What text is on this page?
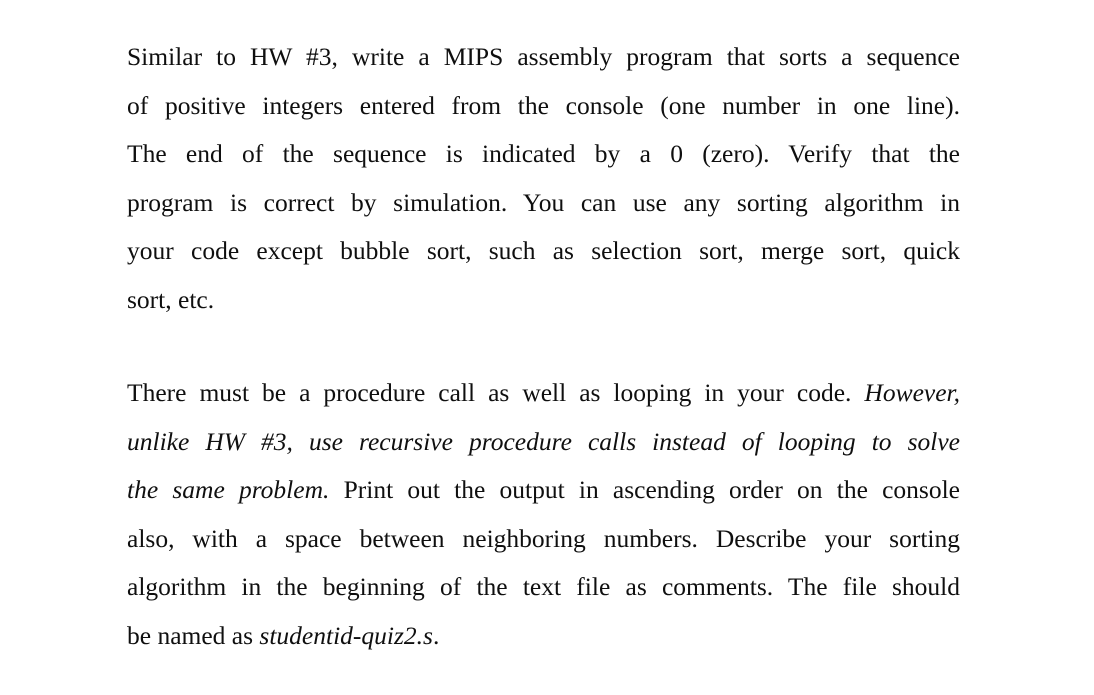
Similar to HW #3, write a MIPS assembly program that sorts a sequence
of positive integers entered from the console (one number in one line).
The end of the sequence is indicated by a 0 (zero). Verify that the
program is correct by simulation. You can use any sorting algorithm in
your code except bubble sort, such as selection sort, merge sort, quick
sort, etc.
There must be a procedure call as well as looping in your code. However,
unlike HW #3, use recursive procedure calls instead of looping to solve
the same problem. Print out the output in ascending order on the console
also, with a space between neighboring numbers. Describe your sorting
algorithm in the beginning of the text file as comments. The file should
be named as studentid-quiz2.s.
